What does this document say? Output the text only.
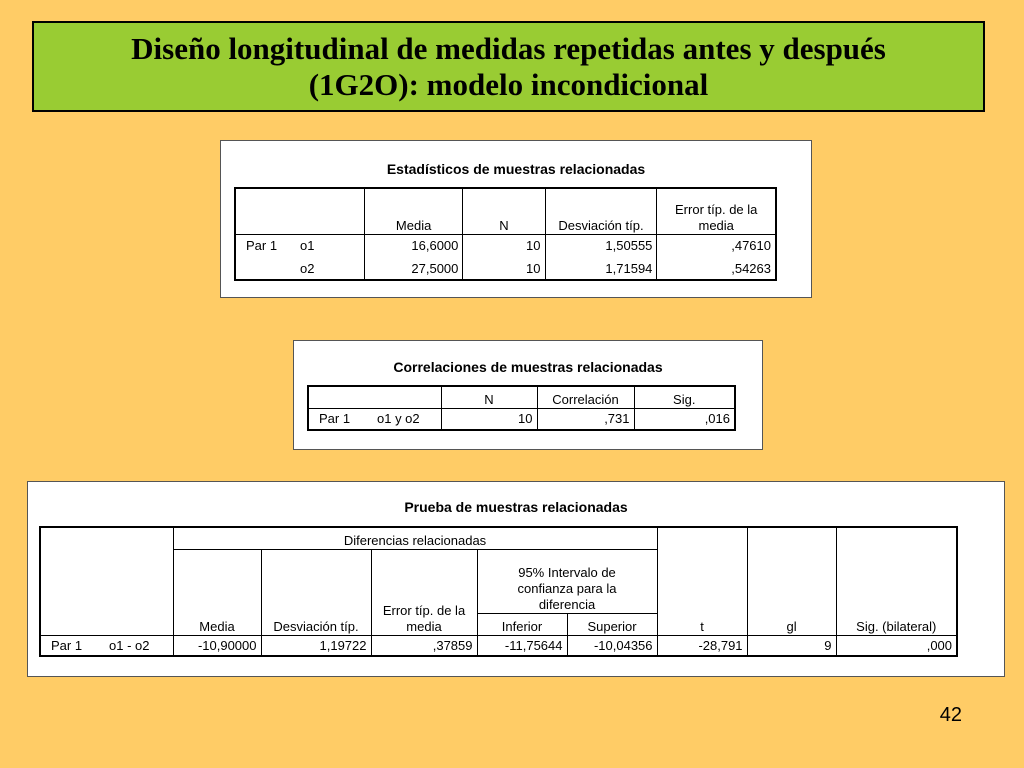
Diseño longitudinal de medidas repetidas antes y después
(1G2O): modelo incondicional
Estadísticos de muestras relacionadas
	Media	N	Desviación típ.	Error típ. de la media
Par 1 o1	16,6000	10	1,50555	,47610
o2	27,5000	10	1,71594	,54263
Correlaciones de muestras relacionadas
	N	Correlación	Sig.
Par 1 o1 y o2	10	,731	,016
Prueba de muestras relacionadas
	Diferencias relacionadas					t	gl	Sig. (bilateral)
	Media	Desviación típ.	Error típ. de la media	95% Intervalo de confianza para la diferencia				
				Inferior	Superior			
Par 1 o1 - o2	-10,90000	1,19722	,37859	-11,75644	-10,04356	-28,791	9	,000
42
